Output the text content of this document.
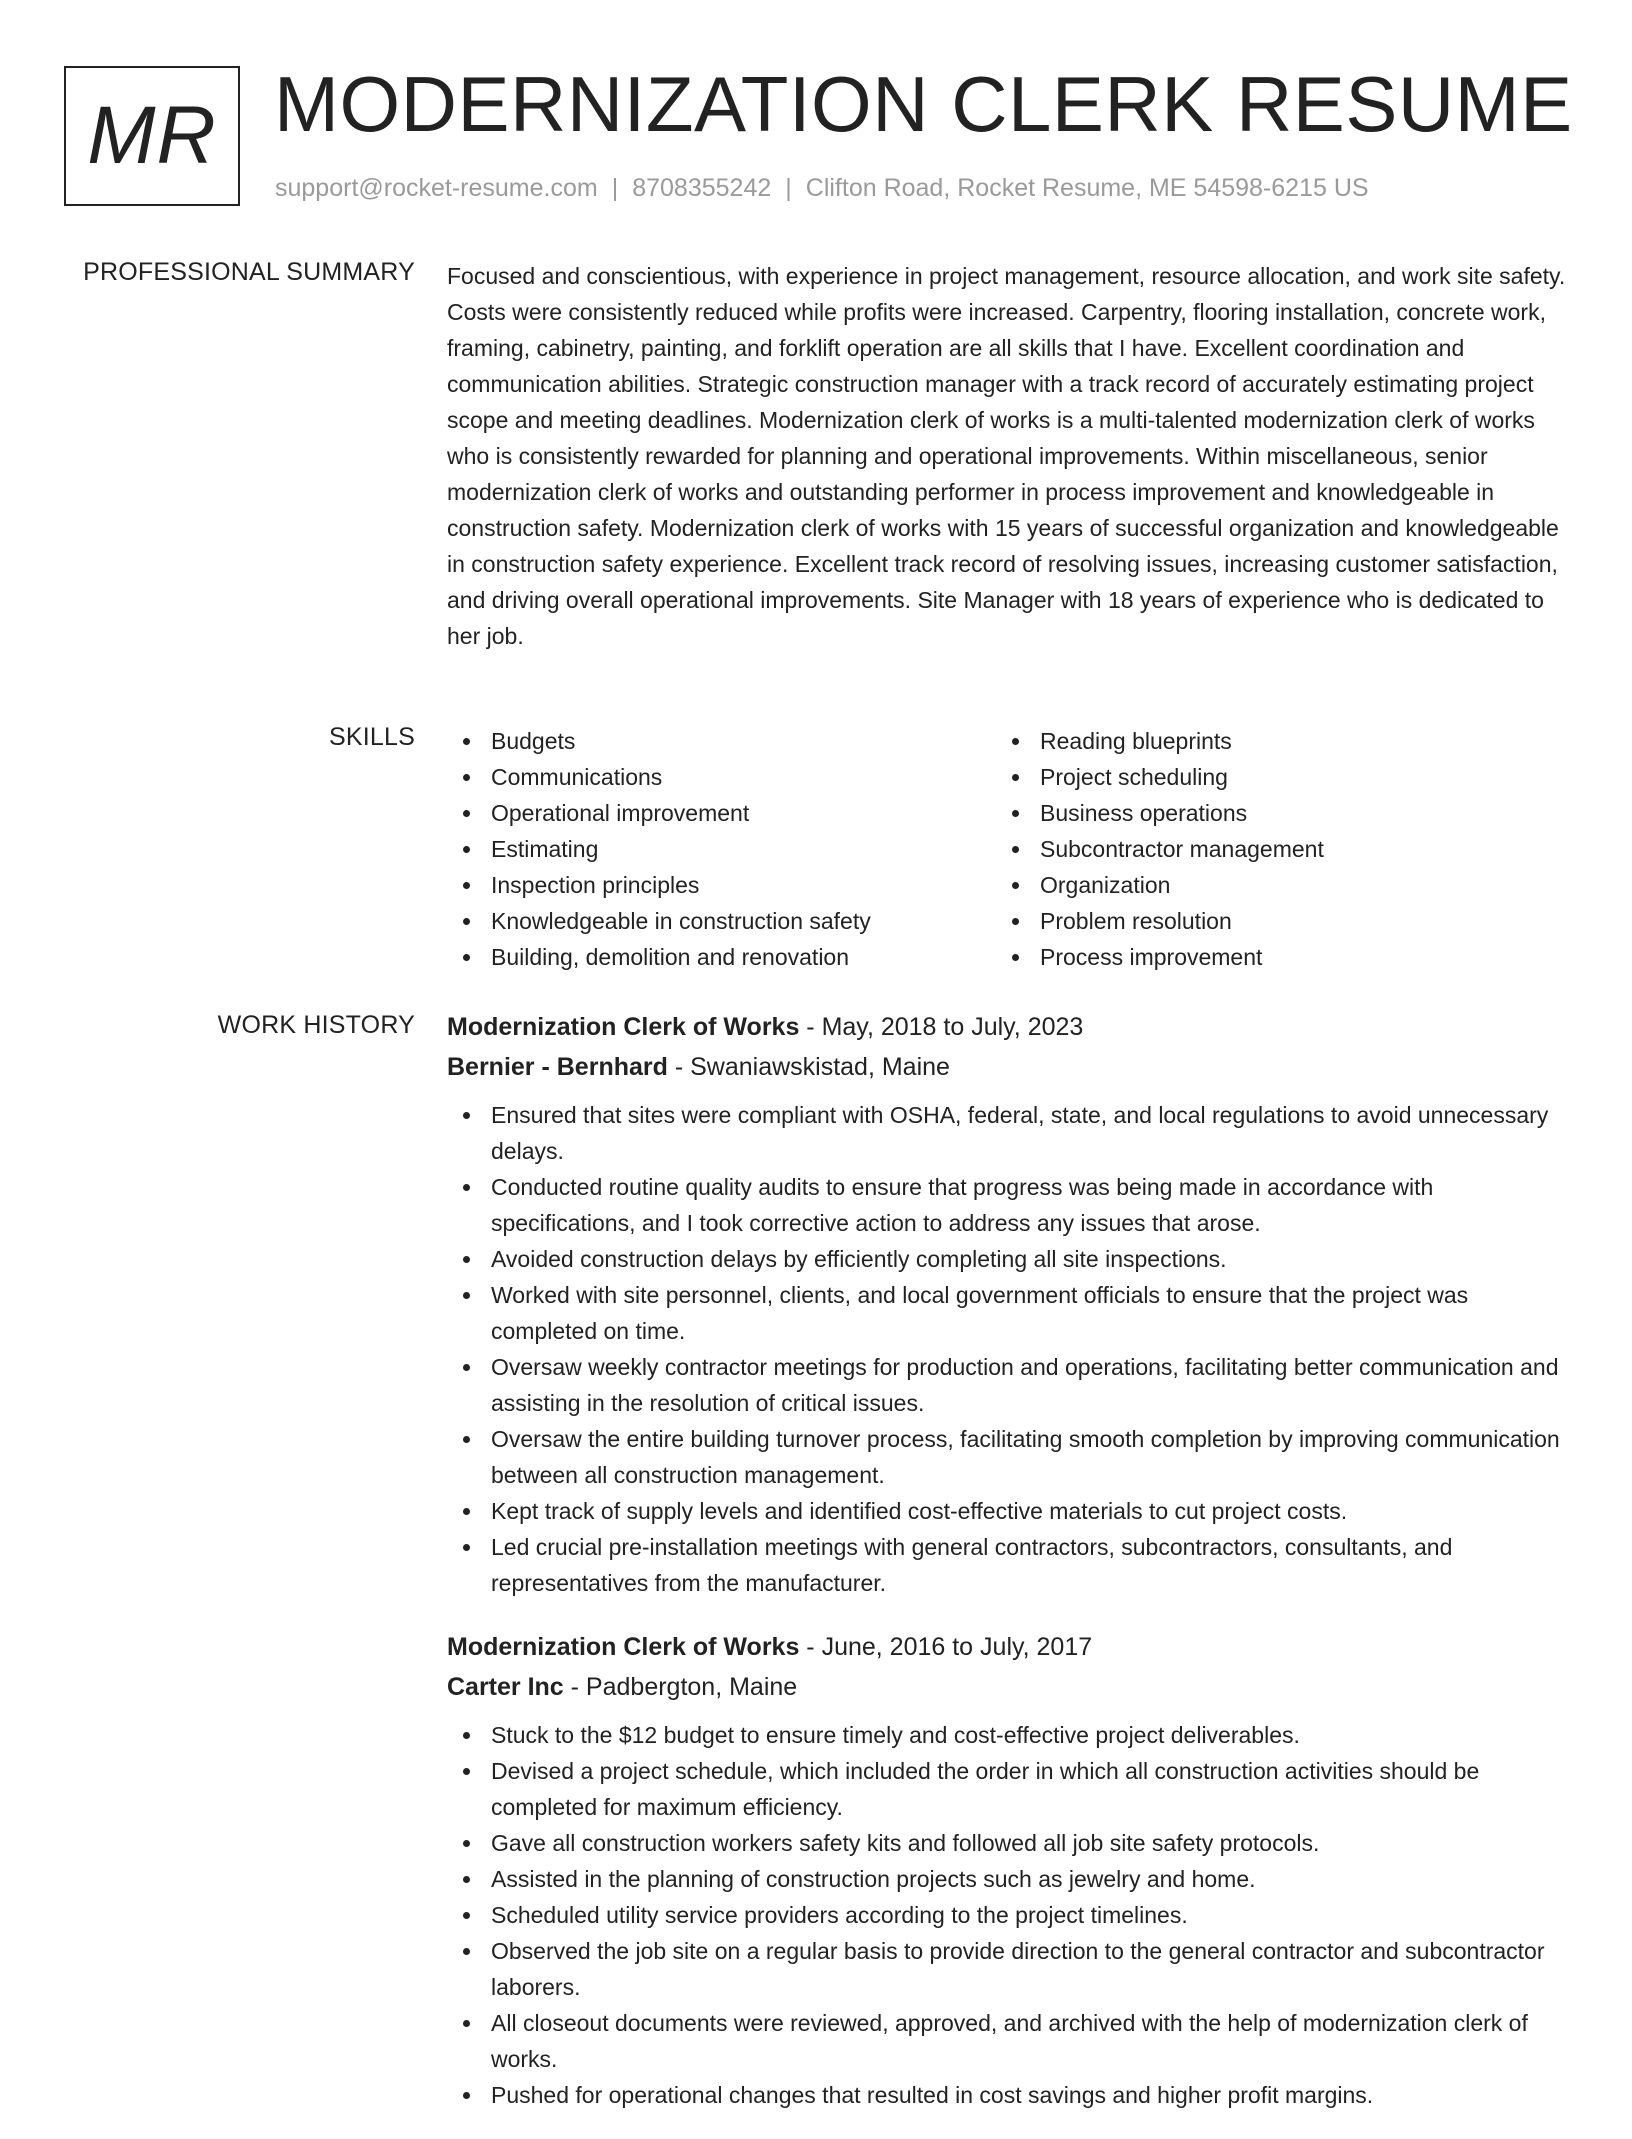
MR MODERNIZATION CLERK RESUME
support@rocket-resume.com | 8708355242 | Clifton Road, Rocket Resume, ME 54598-6215 US
PROFESSIONAL SUMMARY Focused and conscientious, with experience in project management, resource allocation, and work site safety. Costs were consistently reduced while profits were increased. Carpentry, flooring installation, concrete work, framing, cabinetry, painting, and forklift operation are all skills that I have. Excellent coordination and communication abilities. Strategic construction manager with a track record of accurately estimating project scope and meeting deadlines. Modernization clerk of works is a multi-talented modernization clerk of works who is consistently rewarded for planning and operational improvements. Within miscellaneous, senior modernization clerk of works and outstanding performer in process improvement and knowledgeable in construction safety. Modernization clerk of works with 15 years of successful organization and knowledgeable in construction safety experience. Excellent track record of resolving issues, increasing customer satisfaction, and driving overall operational improvements. Site Manager with 18 years of experience who is dedicated to her job.

SKILLS	Budgets
Communications
Operational improvement
Estimating
Inspection principles
Knowledgeable in construction safety
Building, demolition and renovation
Reading blueprints
Project scheduling
Business operations
Subcontractor management
Organization
Problem resolution
Process improvement
WORK HISTORY Modernization Clerk of Works - May, 2018 to July, 2023
Bernier - Bernhard - Swaniawskistad, Maine
Ensured that sites were compliant with OSHA, federal, state, and local regulations to avoid unnecessary delays.
Conducted routine quality audits to ensure that progress was being made in accordance with specifications, and I took corrective action to address any issues that arose.
Avoided construction delays by efficiently completing all site inspections.
Worked with site personnel, clients, and local government officials to ensure that the project was completed on time.
Oversaw weekly contractor meetings for production and operations, facilitating better communication and assisting in the resolution of critical issues.
Oversaw the entire building turnover process, facilitating smooth completion by improving communication between all construction management.
Kept track of supply levels and identified cost-effective materials to cut project costs.
Led crucial pre-installation meetings with general contractors, subcontractors, consultants, and representatives from the manufacturer.
Modernization Clerk of Works - June, 2016 to July, 2017
Carter Inc - Padbergton, Maine
Stuck to the $12 budget to ensure timely and cost-effective project deliverables.
Devised a project schedule, which included the order in which all construction activities should be completed for maximum efficiency.
Gave all construction workers safety kits and followed all job site safety protocols.
Assisted in the planning of construction projects such as jewelry and home.
Scheduled utility service providers according to the project timelines.
Observed the job site on a regular basis to provide direction to the general contractor and subcontractor laborers.
All closeout documents were reviewed, approved, and archived with the help of modernization clerk of works.
Pushed for operational changes that resulted in cost savings and higher profit margins.
